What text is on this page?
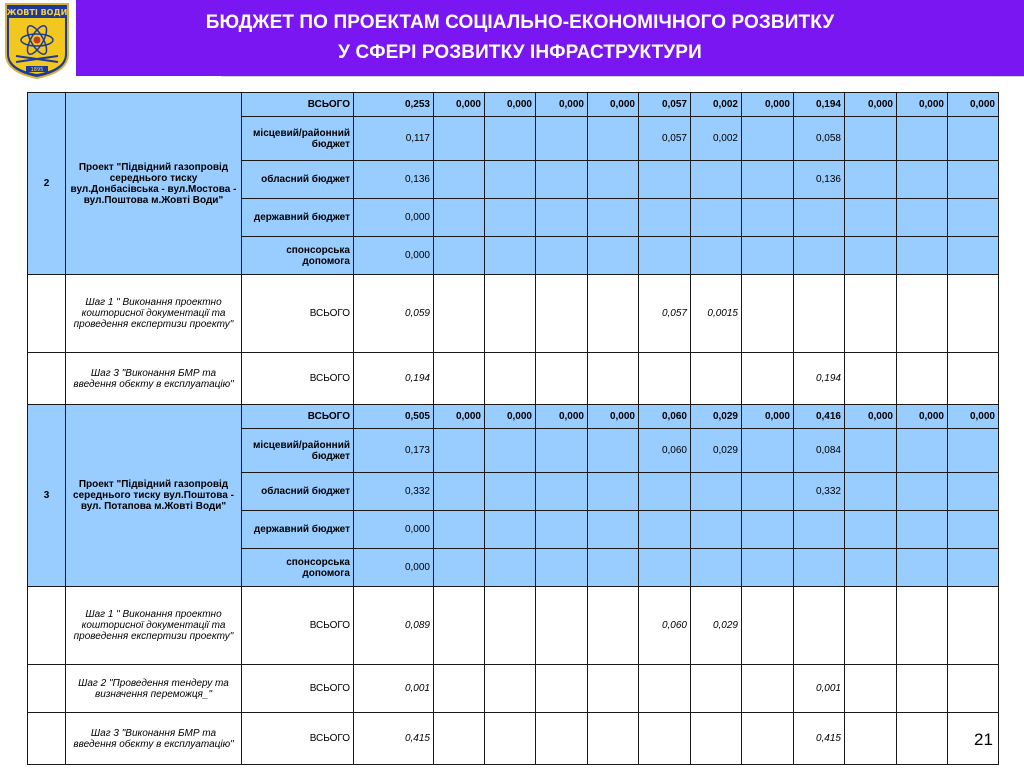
ЖОВТІ ВОДИ
1895
БЮДЖЕТ ПО ПРОЕКТАМ СОЦІАЛЬНО-ЕКОНОМІЧНОГО РОЗВИТКУ
У СФЕРІ РОЗВИТКУ ІНФРАСТРУКТУРИ
2	Проект "Підвідний газопровід середнього тиску вул.Донбасівська - вул.Мостова - вул.Поштова м.Жовті Води"	ВСЬОГО	0,253	0,000	0,000	0,000	0,000	0,057	0,002	0,000	0,194	0,000	0,000	0,000
		місцевий/районний бюджет	0,117					0,057	0,002		0,058			
		обласний бюджет	0,136								0,136			
		державний бюджет	0,000											
		спонсорська допомога	0,000											
	Шаг 1 " Виконання проектно кошторисної документації та проведення експертизи проекту"	ВСЬОГО	0,059					0,057	0,0015					
	Шаг 3 "Виконання БМР та введення обєкту в експлуатацію"	ВСЬОГО	0,194								0,194			
3	Проект "Підвідний газопровід середнього тиску вул.Поштова - вул. Потапова м.Жовті Води"	ВСЬОГО	0,505	0,000	0,000	0,000	0,000	0,060	0,029	0,000	0,416	0,000	0,000	0,000
		місцевий/районний бюджет	0,173					0,060	0,029		0,084			
		обласний бюджет	0,332								0,332			
		державний бюджет	0,000											
		спонсорська допомога	0,000											
	Шаг 1 " Виконання проектно кошторисної документації та проведення експертизи проекту"	ВСЬОГО	0,089					0,060	0,029					
	Шаг 2 "Проведення тендеру та визначення переможця_"	ВСЬОГО	0,001								0,001			
	Шаг 3 "Виконання БМР та введення обєкту в експлуатацію"	ВСЬОГО	0,415								0,415				21
